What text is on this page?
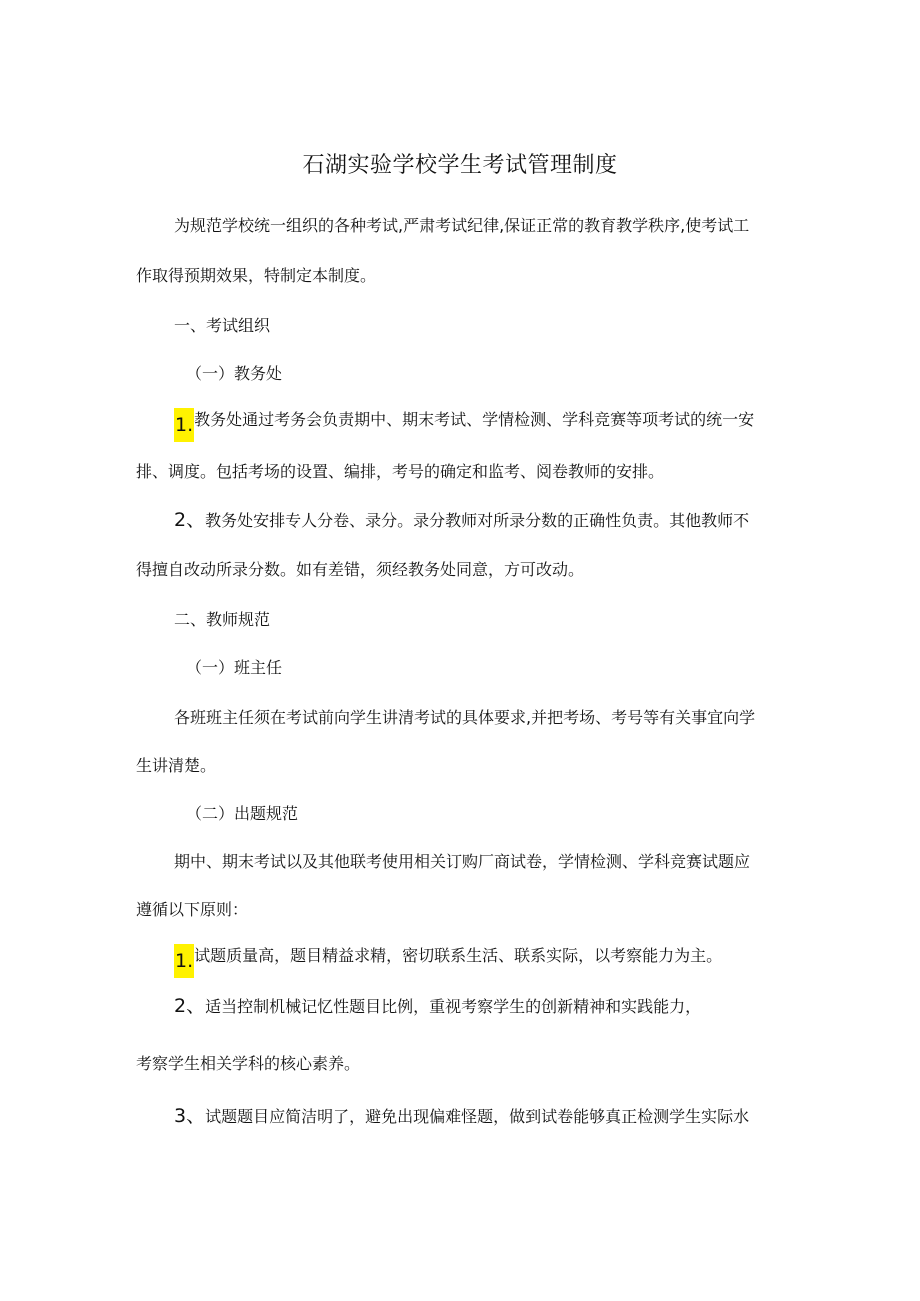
石湖实验学校学生考试管理制度

为规范学校统一组织的各种考试,严肃考试纪律,保证正常的教育教学秩序,使考试工

作取得预期效果，特制定本制度。

一、考试组织

（一）教务处

1.教务处通过考务会负责期中、期末考试、学情检测、学科竞赛等项考试的统一安

排、调度。包括考场的设置、编排，考号的确定和监考、阅卷教师的安排。

2、教务处安排专人分卷、录分。录分教师对所录分数的正确性负责。其他教师不

得擅自改动所录分数。如有差错，须经教务处同意，方可改动。

二、教师规范

（一）班主任

各班班主任须在考试前向学生讲清考试的具体要求,并把考场、考号等有关事宜向学

生讲清楚。

（二）出题规范

期中、期末考试以及其他联考使用相关订购厂商试卷，学情检测、学科竞赛试题应

遵循以下原则：

1.试题质量高，题目精益求精，密切联系生活、联系实际，以考察能力为主。

2、适当控制机械记忆性题目比例，重视考察学生的创新精神和实践能力，

考察学生相关学科的核心素养。

3、试题题目应简洁明了，避免出现偏难怪题，做到试卷能够真正检测学生实际水
